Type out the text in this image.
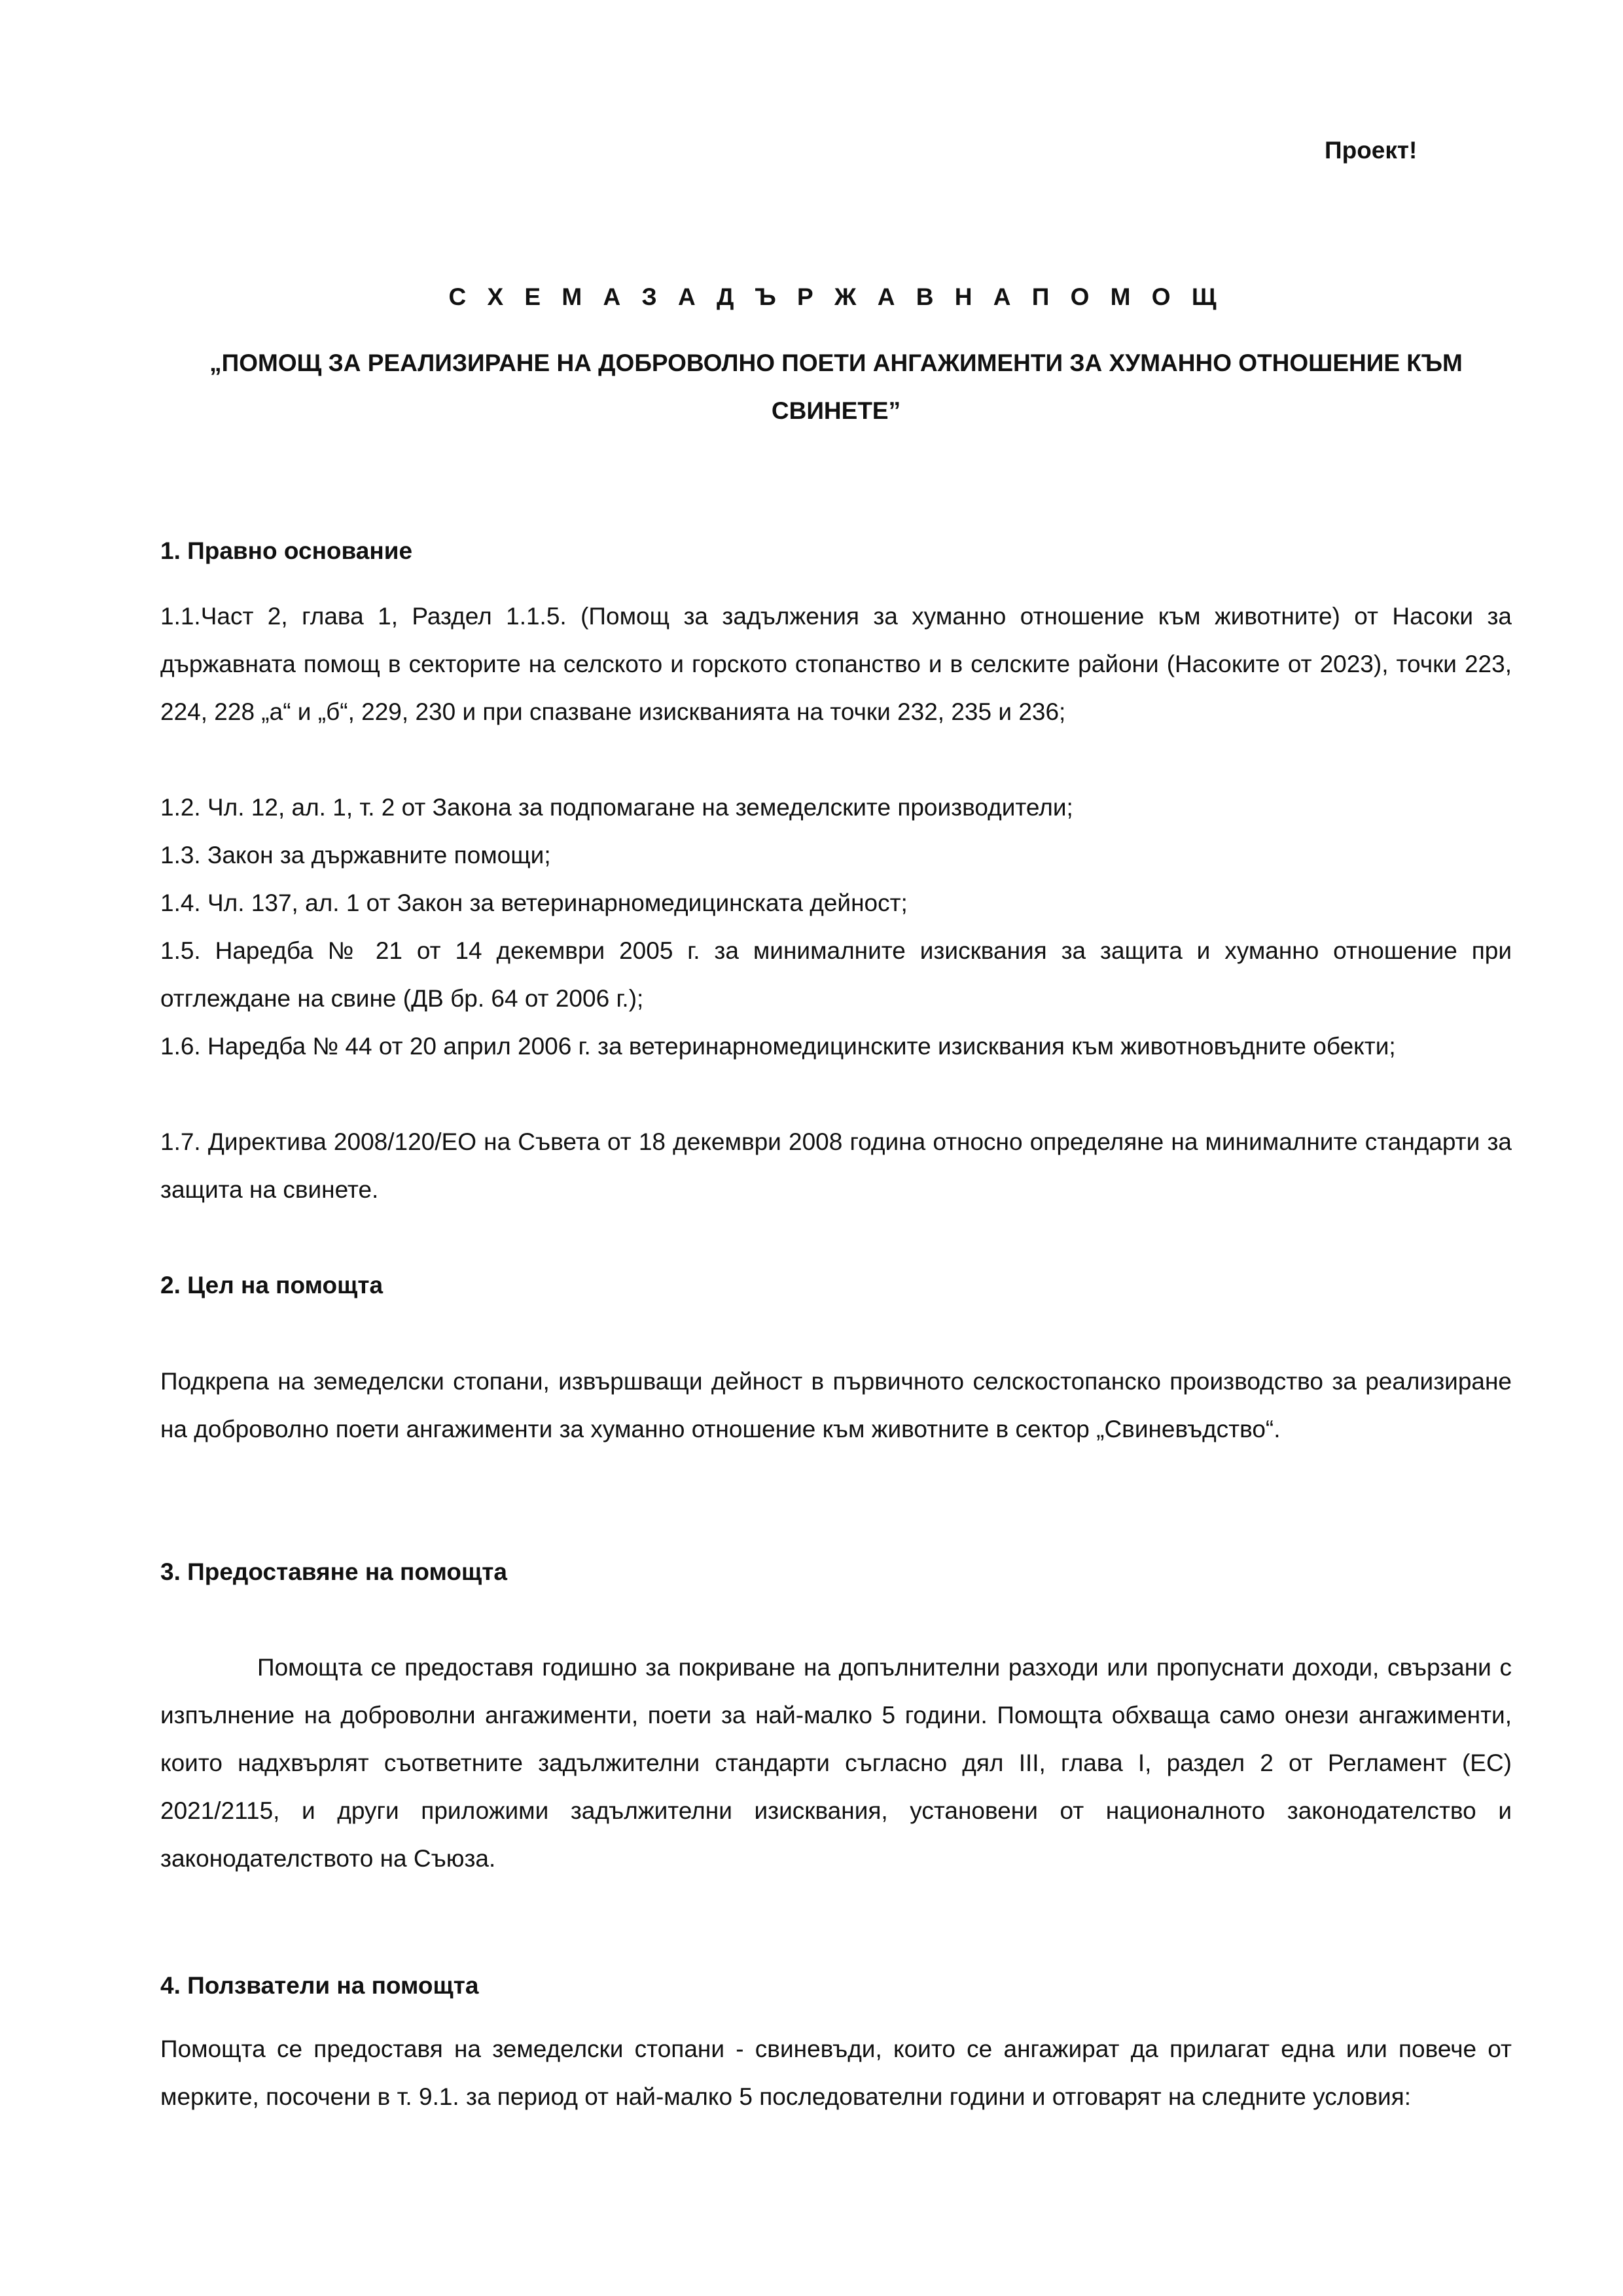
Проект!
С Х Е М А З А Д Ъ Р Ж А В Н А П О М О Щ
„ПОМОЩ ЗА РЕАЛИЗИРАНЕ НА ДОБРОВОЛНО ПОЕТИ АНГАЖИМЕНТИ ЗА ХУМАННО ОТНОШЕНИЕ КЪМ СВИНЕТЕ”
1. Правно основание
1.1.Част 2, глава 1, Раздел 1.1.5. (Помощ за задължения за хуманно отношение към животните) от Насоки за държавната помощ в секторите на селското и горското стопанство и в селските райони (Насоките от 2023), точки 223, 224, 228 „а“ и „б“, 229, 230 и при спазване изискванията на точки 232, 235 и 236;
1.2. Чл. 12, ал. 1, т. 2 от Закона за подпомагане на земеделските производители;
1.3. Закон за държавните помощи;
1.4. Чл. 137, ал. 1 от Закон за ветеринарномедицинската дейност;
1.5. Наредба № 21 от 14 декември 2005 г. за минималните изисквания за защита и хуманно отношение при отглеждане на свине (ДВ бр. 64 от 2006 г.);
1.6. Наредба № 44 от 20 април 2006 г. за ветеринарномедицинските изисквания към животновъдните обекти;
1.7. Директива 2008/120/ЕО на Съвета от 18 декември 2008 година относно определяне на минималните стандарти за защита на свинете.
2. Цел на помощта
Подкрепа на земеделски стопани, извършващи дейност в първичното селскостопанско производство за реализиране на доброволно поети ангажименти за хуманно отношение към животните в сектор „Свиневъдство“.
3. Предоставяне на помощта
Помощта се предоставя годишно за покриване на допълнителни разходи или пропуснати доходи, свързани с изпълнение на доброволни ангажименти, поети за най-малко 5 години. Помощта обхваща само онези ангажименти, които надхвърлят съответните задължителни стандарти съгласно дял III, глава I, раздел 2 от Регламент (ЕС) 2021/2115, и други приложими задължителни изисквания, установени от националното законодателство и законодателството на Съюза.
4. Ползватели на помощта
Помощта се предоставя на земеделски стопани - свиневъди, които се ангажират да прилагат една или повече от мерките, посочени в т. 9.1. за период от най-малко 5 последователни години и отговарят на следните условия:
